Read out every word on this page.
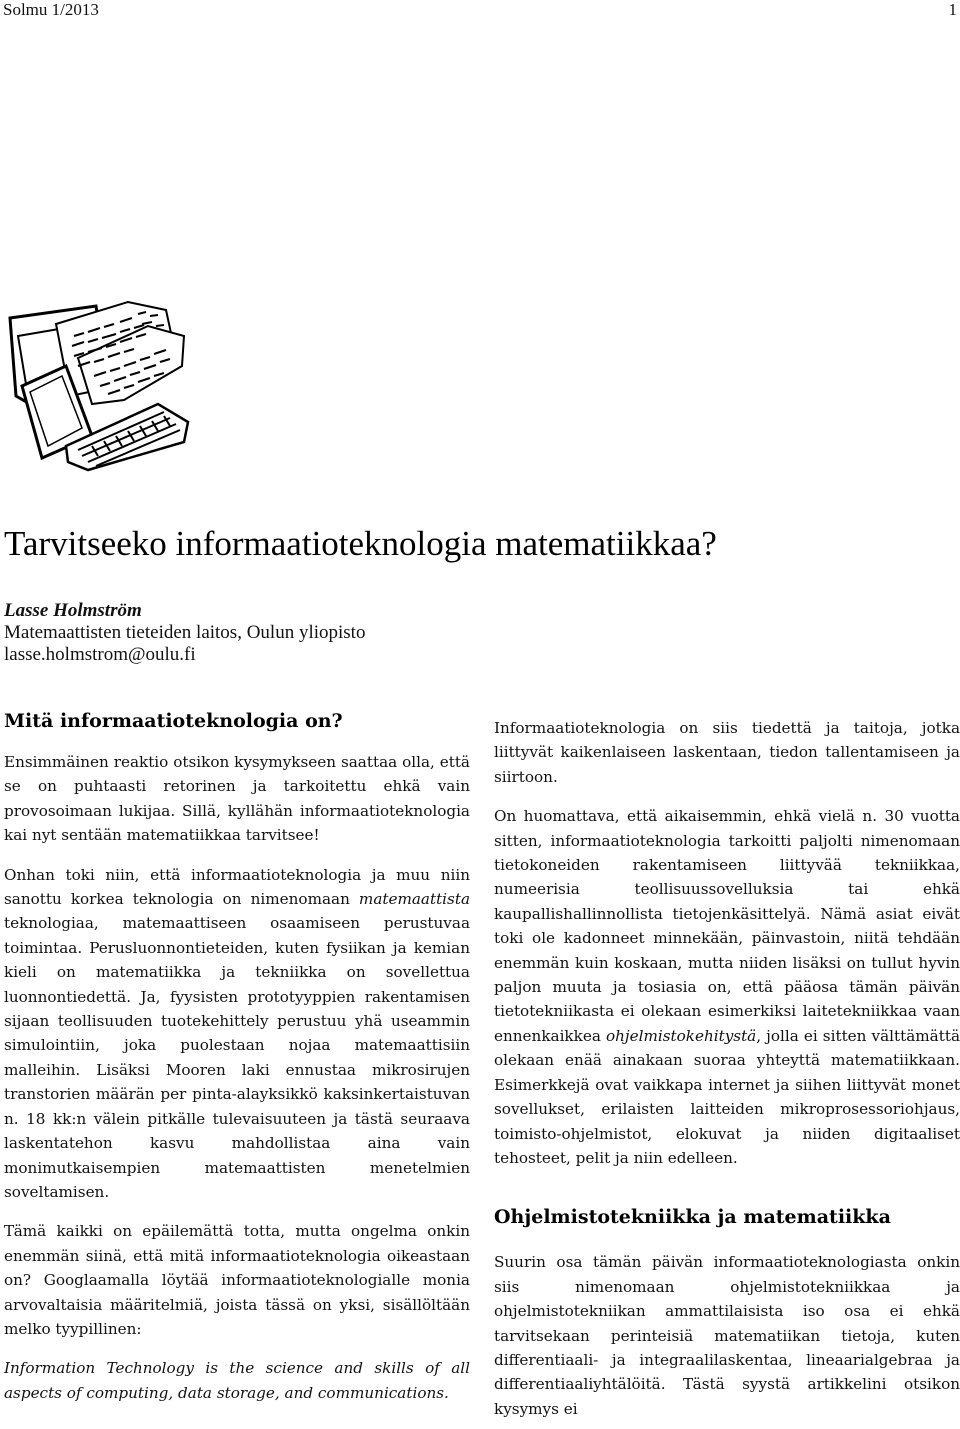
Solmu 1/2013	1
Tarvitseeko informaatioteknologia matematiikkaa?
Lasse Holmström
Matemaattisten tieteiden laitos, Oulun yliopisto
lasse.holmstrom@oulu.fi
Mitä informaatioteknologia on?

Ensimmäinen reaktio otsikon kysymykseen saattaa olla, että se on puhtaasti retorinen ja tarkoitettu ehkä vain provosoimaan lukijaa. Sillä, kyllähän informaatioteknologia kai nyt sentään matematiikkaa tarvitsee!

Onhan toki niin, että informaatioteknologia ja muu niin sanottu korkea teknologia on nimenomaan matemaattista teknologiaa, matemaattiseen osaamiseen perustuvaa toimintaa. Perusluonnontieteiden, kuten fysiikan ja kemian kieli on matematiikka ja tekniikka on sovellettua luonnontiedettä. Ja, fyysisten prototyyppien rakentamisen sijaan teollisuuden tuotekehittely perustuu yhä useammin simulointiin, joka puolestaan nojaa matemaattisiin malleihin. Lisäksi Mooren laki ennustaa mikrosirujen transtorien määrän per pinta-alayksikkö kaksinkertaistuvan n. 18 kk:n välein pitkälle tulevaisuuteen ja tästä seuraava laskentatehon kasvu mahdollistaa aina vain monimutkaisempien matemaattisten menetelmien soveltamisen.

Tämä kaikki on epäilemättä totta, mutta ongelma onkin enemmän siinä, että mitä informaatioteknologia oikeastaan on? Googlaamalla löytää informaatioteknologialle monia arvovaltaisia määritelmiä, joista tässä on yksi, sisällöltään melko tyypillinen:

Information Technology is the science and skills of all aspects of computing, data storage, and communications.

Informaatioteknologia on siis tiedettä ja taitoja, jotka liittyvät kaikenlaiseen laskentaan, tiedon tallentamiseen ja siirtoon.

On huomattava, että aikaisemmin, ehkä vielä n. 30 vuotta sitten, informaatioteknologia tarkoitti paljolti nimenomaan tietokoneiden rakentamiseen liittyvää tekniikkaa, numeerisia teollisuussovelluksia tai ehkä kaupallishallinnollista tietojenkäsittelyä. Nämä asiat eivät toki ole kadonneet minnekään, päinvastoin, niitä tehdään enemmän kuin koskaan, mutta niiden lisäksi on tullut hyvin paljon muuta ja tosiasia on, että pääosa tämän päivän tietotekniikasta ei olekaan esimerkiksi laitetekniikkaa vaan ennenkaikkea ohjelmistokehitystä, jolla ei sitten välttämättä olekaan enää ainakaan suoraa yhteyttä matematiikkaan. Esimerkkejä ovat vaikkapa internet ja siihen liittyvät monet sovellukset, erilaisten laitteiden mikroprosessoriohjaus, toimisto-ohjelmistot, elokuvat ja niiden digitaaliset tehosteet, pelit ja niin edelleen.

Ohjelmistotekniikka ja matematiikka

Suurin osa tämän päivän informaatioteknologiasta onkin siis nimenomaan ohjelmistotekniikkaa ja ohjelmistotekniikan ammattilaisista iso osa ei ehkä tarvitsekaan perinteisiä matematiikan tietoja, kuten differentiaali- ja integraalilaskentaa, lineaarialgebraa ja differentiaaliyhtälöitä. Tästä syystä artikkelini otsikon kysymys ei
